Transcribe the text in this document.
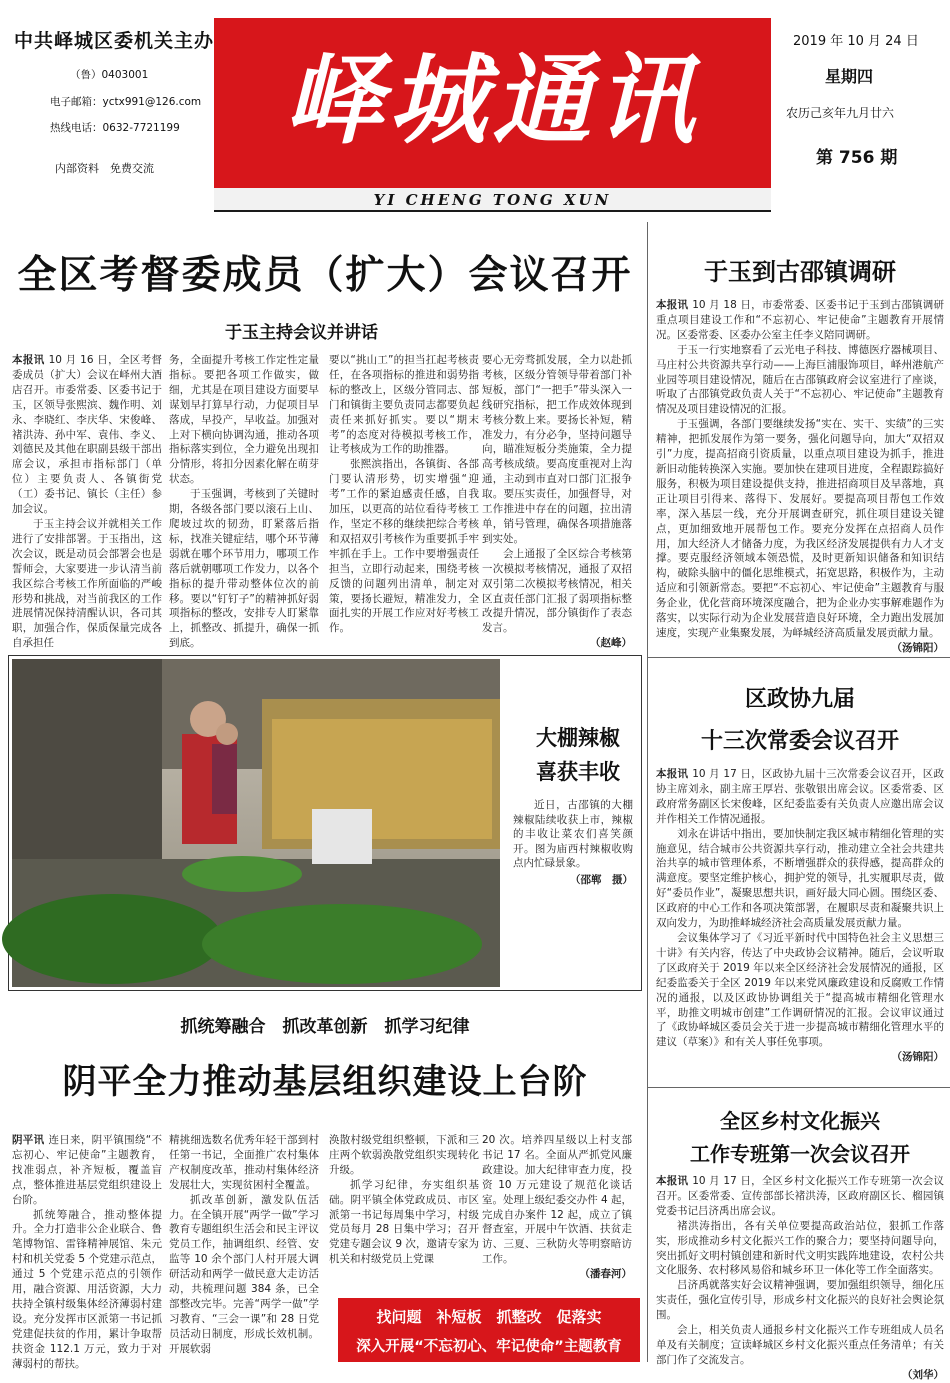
中共峄城区委机关主办
（鲁）0403001
电子邮箱：yctx991@126.com
热线电话：0632-7721199
内部资料　免费交流
峄城通讯
YI CHENG TONG XUN
2019 年 10 月 24 日
星期四
农历己亥年九月廿六
第 756 期
全区考督委成员（扩大）会议召开
于玉主持会议并讲话

本报讯 10 月 16 日，全区考督委成员（扩大）会议在峄州大酒店召开。市委常委、区委书记于玉，区领导张熙滨、魏作明、刘永、李晓红、李庆华、宋俊峰、褚洪涛、孙中军、袁伟、李义、刘德民及其他在职副县级干部出席会议，承担市指标部门（单位）主要负责人、各镇街党（工）委书记、镇长（主任）参加会议。

于玉主持会议并就相关工作进行了安排部署。于玉指出，这次会议，既是动员会部署会也是誓师会，大家要进一步认清当前我区综合考核工作所面临的严峻形势和挑战，对当前我区的工作进展情况保持清醒认识，各司其职，加强合作，保质保量完成各自承担任

务，全面提升考核工作定性定量指标。要把各项工作做实，做细，尤其是在项目建设方面要早谋划早打算早行动，力促项目早落成，早投产，早收益。加强对上对下横向协调沟通，推动各项指标落实到位，全力避免出现扣分情形，将扣分因素化解在萌芽状态。

于玉强调，考核到了关键时期，各级各部门要以滚石上山、爬坡过坎的韧劲，盯紧落后指标，找准关键症结，哪个环节薄弱就在哪个环节用力，哪项工作落后就朝哪项工作发力，以各个指标的提升带动整体位次的前移。要以“钉钉子”的精神抓好弱项指标的整改，安排专人盯紧靠上，抓整改、抓提升，确保一抓到底。

要以“挑山工”的担当扛起考核责任，在各项指标的推进和弱势指标的整改上，区级分管同志、部门和镇街主要负责同志都要负起责任来抓好抓实。要以“期末考”的态度对待模拟考核工作，让考核成为工作的助推器。

张熙滨指出，各镇街、各部门要认清形势，切实增强“迎考”工作的紧迫感责任感，自我加压，以更高的站位看待考核工作，坚定不移的继续把综合考核和双招双引考核作为重要抓手牢牢抓在手上。工作中要增强责任担当，立即行动起来，围绕考核反馈的问题列出清单，制定对策，要扬长避短，精准发力，全面扎实的开展工作应对好考核工作。

要心无旁骛抓发展，全力以赴抓考核，区级分管领导带着部门补短板，部门“一把手”带头深入一线研究指标，把工作成效体现到考核分数上来。要扬长补短，精准发力，有分必争，坚持问题导向，瞄准短板分类施策，全力提高考核成绩。要高度重视对上沟通，主动到市直对口部门汇报争取。要压实责任，加强督导，对工作推进中存在的问题，拉出清单，销号管理，确保各项措施落到实处。

会上通报了全区综合考核第一次模拟考核情况，通报了双招双引第二次模拟考核情况，相关区直责任部门汇报了弱项指标整改提升情况，部分镇街作了表态发言。

（赵峰）

于玉到古邵镇调研

本报讯 10 月 18 日，市委常委、区委书记于玉到古邵镇调研重点项目建设工作和“不忘初心、牢记使命”主题教育开展情况。区委常委、区委办公室主任李义陪同调研。

于玉一行实地察看了云光电子科技、博德医疗器械项目、马庄村公共资源共享行动——上海巨浦服饰项目，峄州港航产业园等项目建设情况，随后在古邵镇政府会议室进行了座谈，听取了古邵镇党政负责人关于“不忘初心、牢记使命”主题教育情况及项目建设情况的汇报。

于玉强调，各部门要继续发扬“实在、实干、实绩”的三实精神，把抓发展作为第一要务，强化问题导向，加大“双招双引”力度，提高招商引资质量，以重点项目建设为抓手，推进新旧动能转换深入实施。要加快在建项目进度，全程跟踪搞好服务，积极为项目建设提供支持，推进招商项目及早落地，真正让项目引得来、落得下、发展好。要提高项目帮包工作效率，深入基层一线，充分开展调查研究，抓住项目建设关键点，更加细致地开展帮包工作。要充分发挥在点招商人员作用，加大经济人才储备力度，为我区经济发展提供有力人才支撑。要克服经济领域本领恐慌，及时更新知识储备和知识结构，破除头脑中的僵化思维模式，拓宽思路，积极作为，主动适应和引领新常态。要把“不忘初心、牢记使命”主题教育与服务企业，优化营商环境深度融合，把为企业办实事解难题作为落实，以实际行动为企业发展营造良好环境，全力跑出发展加速度，实现产业集聚发展，为峄城经济高质量发展贡献力量。

（汤锦阳）

大棚辣椒
喜获丰收
近日，古邵镇的大棚辣椒陆续收获上市，辣椒的丰收让菜农们喜笑颜开。图为庙西村辣椒收购点内忙碌景象。
（邵郸　摄）
区政协九届
十三次常委会议召开

本报讯 10 月 17 日，区政协九届十三次常委会议召开，区政协主席刘永，副主席王厚岩、张敬银出席会议。区委常委、区政府常务副区长宋俊峰，区纪委监委有关负责人应邀出席会议并作相关工作情况通报。

刘永在讲话中指出，要加快制定我区城市精细化管理的实施意见，结合城市公共资源共享行动，推动建立全社会共建共治共享的城市管理体系，不断增强群众的获得感，提高群众的满意度。要坚定维护核心，拥护党的领导，扎实履职尽责，做好“委员作业”，凝聚思想共识，画好最大同心圆。围绕区委、区政府的中心工作和各项决策部署，在履职尽责和凝聚共识上双向发力，为助推峄城经济社会高质量发展贡献力量。

会议集体学习了《习近平新时代中国特色社会主义思想三十讲》有关内容，传达了中央政协会议精神。随后，会议听取了区政府关于 2019 年以来全区经济社会发展情况的通报，区纪委监委关于全区 2019 年以来党风廉政建设和反腐败工作情况的通报，以及区政协协调组关于“提高城市精细化管理水平，助推文明城市创建”工作调研情况的汇报。会议审议通过了《政协峄城区委员会关于进一步提高城市精细化管理水平的建议（草案）》和有关人事任免事项。

（汤锦阳）

抓统筹融合　抓改革创新　抓学习纪律
阴平全力推动基层组织建设上台阶

阴平讯 连日来，阴平镇围绕“不忘初心、牢记使命”主题教育，找准弱点，补齐短板，覆盖盲点，整体推进基层党组织建设上台阶。

抓统筹融合，推动整体提升。全力打造非公企业联合、鲁笔博物馆、雷锋精神展馆、朱元村和机关党委 5 个党建示范点，通过 5 个党建示范点的引领作用，融合资源、用活资源，大力扶持全镇村级集体经济薄弱村建设。充分发挥市区派第一书记抓党建促扶贫的作用，累计争取帮扶资金 112.1 万元，致力于对薄弱村的帮扶。

精挑细选数名优秀年轻干部到村任第一书记，全面推广农村集体产权制度改革，推动村集体经济发展壮大，实现贫困村全覆盖。

抓改革创新，激发队伍活力。在全镇开展“两学一做”学习教育专题组织生活会和民主评议党员工作，抽调组织、经管、安监等 10 余个部门人村开展大调研活动和两学一做民意大走访活动，共梳理问题 384 条，已全部整改完毕。完善“两学一做”学习教育、“三会一课”和 28 日党员活动日制度，形成长效机制。开展软弱

涣散村级党组织整顿，下派和三庄两个软弱涣散党组织实现转化升级。

抓学习纪律，夯实组织基础。阴平镇全体党政成员、市区派第一书记每周集中学习，村级党员每月 28 日集中学习；召开党建专题会议 9 次，邀请专家为机关和村级党员上党课

20 次。培养四星级以上村支部书记 17 名。全面从严抓党风廉政建设。加大纪律审查力度，投资 10 万元建设了规范化谈话室。处理上级纪委交办件 4 起，完成自办案件 12 起，成立了镇督查室，开展中午饮酒、扶贫走访、三夏、三秋防火等明察暗访工作。

（潘春河）

找问题　补短板　抓整改　促落实
深入开展“不忘初心、牢记使命”主题教育
全区乡村文化振兴
工作专班第一次会议召开

本报讯 10 月 17 日，全区乡村文化振兴工作专班第一次会议召开。区委常委、宣传部部长褚洪涛，区政府副区长、榴园镇党委书记吕济禹出席会议。

褚洪涛指出，各有关单位要提高政治站位，狠抓工作落实，形成推动乡村文化振兴工作的聚合力；要坚持问题导向，突出抓好文明村镇创建和新时代文明实践阵地建设，农村公共文化服务、农村移风易俗和城乡环卫一体化等工作全面落实。

吕济禹就落实好会议精神强调，要加强组织领导，细化压实责任，强化宣传引导，形成乡村文化振兴的良好社会舆论氛围。

会上，相关负责人通报乡村文化振兴工作专班组成人员名单及有关制度；宣读峄城区乡村文化振兴重点任务清单；有关部门作了交流发言。

（刘华）
